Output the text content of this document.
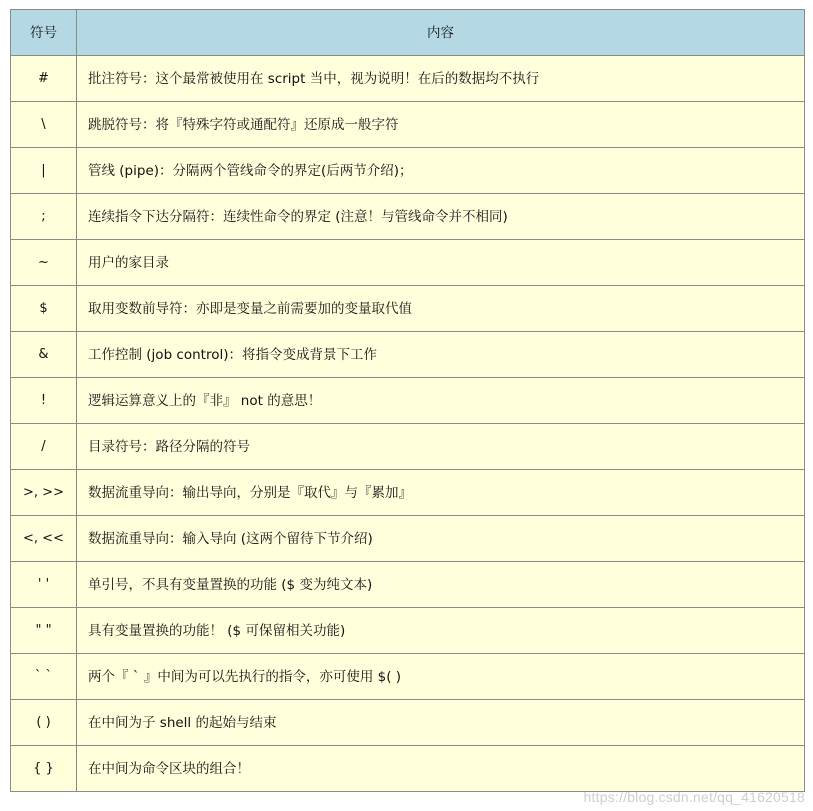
符号	内容
#	批注符号：这个最常被使用在 script 当中，视为说明！在后的数据均不执行
\	跳脱符号：将『特殊字符或通配符』还原成一般字符
|	管线 (pipe)：分隔两个管线命令的界定(后两节介绍)；
;	连续指令下达分隔符：连续性命令的界定 (注意！与管线命令并不相同)
~	用户的家目录
$	取用变数前导符：亦即是变量之前需要加的变量取代值
&	工作控制 (job control)：将指令变成背景下工作
!	逻辑运算意义上的『非』 not 的意思！
/	目录符号：路径分隔的符号
>, >>	数据流重导向：输出导向，分别是『取代』与『累加』
<, <<	数据流重导向：输入导向 (这两个留待下节介绍)
' '	单引号，不具有变量置换的功能 ($ 变为纯文本)
" "	具有变量置换的功能！ ($ 可保留相关功能)
` `	两个『 ` 』中间为可以先执行的指令，亦可使用 $( )
( )	在中间为子 shell 的起始与结束
{ }	在中间为命令区块的组合！
https://blog.csdn.net/qq_41620518
